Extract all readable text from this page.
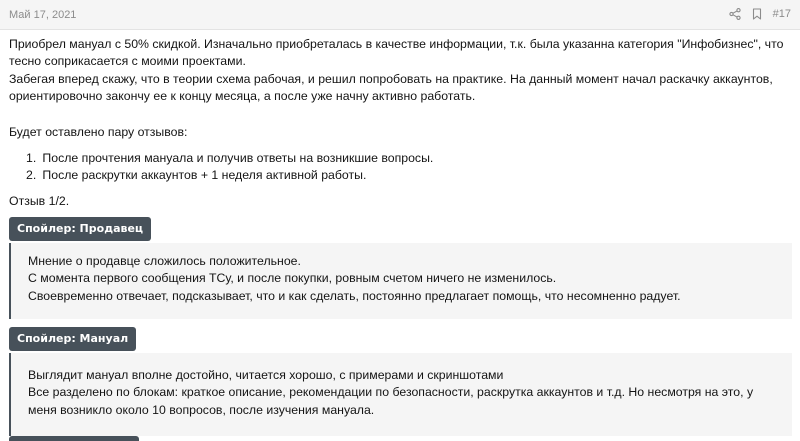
Май 17, 2021	#17

Приобрел мануал с 50% скидкой. Изначально приобреталась в качестве информации, т.к. была указанна категория "Инфобизнес", что тесно соприкасается с моими проектами.

Забегая вперед скажу, что в теории схема рабочая, и решил попробовать на практике. На данный момент начал раскачку аккаунтов, ориентировочно закончу ее к концу месяца, а после уже начну активно работать.

Будет оставлено пару отзывов:

1. После прочтения мануала и получив ответы на возникшие вопросы.
2. После раскрутки аккаунтов + 1 неделя активной работы.

Отзыв 1/2.

Спойлер: Продавец
Мнение о продавце сложилось положительное.
С момента первого сообщения ТСу, и после покупки, ровным счетом ничего не изменилось.
Своевременно отвечает, подсказывает, что и как сделать, постоянно предлагает помощь, что несомненно радует.
Спойлер: Мануал
Выглядит мануал вполне достойно, читается хорошо, с примерами и скриншотами
Все разделено по блокам: краткое описание, рекомендации по безопасности, раскрутка аккаунтов и т.д. Но несмотря на это, у меня возникло около 10 вопросов, после изучения мануала.
